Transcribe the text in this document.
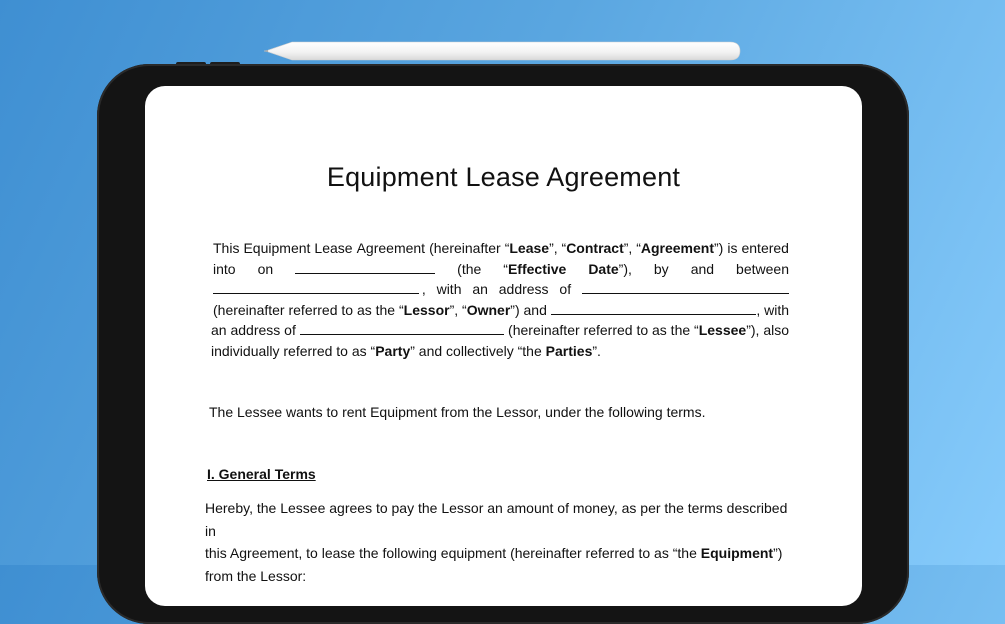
Equipment Lease Agreement
This Equipment Lease Agreement (hereinafter “Lease”, “Contract”, “Agreement”) is entered
into on	(the “Effective Date”), by and between
, with an address of
(hereinafter referred to as the
“Lessor”, “Owner”)
and
	, with
an address of

	(hereinafter referred to as the
“Lessee”),
also
individually referred to as
“Party”
and collectively
“the Parties”.
The Lessee wants to rent Equipment from the Lessor, under the following terms.
I. General Terms
Hereby, the Lessee agrees to pay the Lessor an amount of money, as per the terms described in
this Agreement, to lease the following equipment (hereinafter referred to as “the Equipment”)
from the Lessor:
